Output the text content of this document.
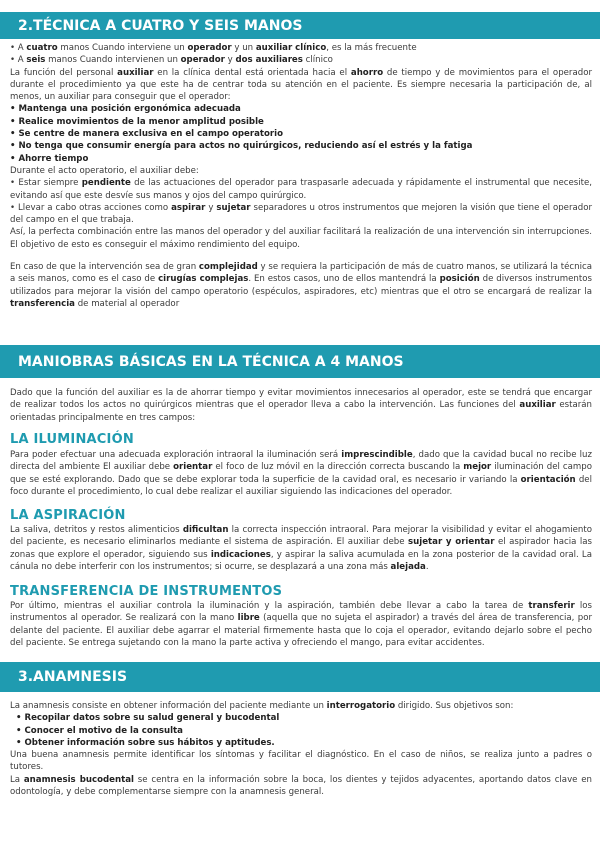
2.TÉCNICA A CUATRO Y SEIS MANOS

• A cuatro manos Cuando interviene un operador y un auxiliar clínico, es la más frecuente

• A seis manos Cuando intervienen un operador y dos auxiliares clínico

La función del personal auxiliar en la clínica dental está orientada hacia el ahorro de tiempo y de movimientos para el operador durante el procedimiento ya que este ha de centrar toda su atención en el paciente. Es siempre necesaria la participación de, al menos, un auxiliar para conseguir que el operador:

• Mantenga una posición ergonómica adecuada

• Realice movimientos de la menor amplitud posible

• Se centre de manera exclusiva en el campo operatorio

• No tenga que consumir energía para actos no quirúrgicos, reduciendo así el estrés y la fatiga

• Ahorre tiempo

Durante el acto operatorio, el auxiliar debe:

• Estar siempre pendiente de las actuaciones del operador para traspasarle adecuada y rápidamente el instrumental que necesite, evitando así que este desvíe sus manos y ojos del campo quirúrgico.

• Llevar a cabo otras acciones como aspirar y sujetar separadores u otros instrumentos que mejoren la visión que tiene el operador del campo en el que trabaja.

Así, la perfecta combinación entre las manos del operador y del auxiliar facilitará la realización de una intervención sin interrupciones. El objetivo de esto es conseguir el máximo rendimiento del equipo.

En caso de que la intervención sea de gran complejidad y se requiera la participación de más de cuatro manos, se utilizará la técnica a seis manos, como es el caso de cirugías complejas. En estos casos, uno de ellos mantendrá la posición de diversos instrumentos utilizados para mejorar la visión del campo operatorio (espéculos, aspiradores, etc) mientras que el otro se encargará de realizar la transferencia de material al operador

MANIOBRAS BÁSICAS EN LA TÉCNICA A 4 MANOS

Dado que la función del auxiliar es la de ahorrar tiempo y evitar movimientos innecesarios al operador, este se tendrá que encargar de realizar todos los actos no quirúrgicos mientras que el operador lleva a cabo la intervención. Las funciones del auxiliar estarán orientadas principalmente en tres campos:

LA ILUMINACIÓN

Para poder efectuar una adecuada exploración intraoral la iluminación será imprescindible, dado que la cavidad bucal no recibe luz directa del ambiente El auxiliar debe orientar el foco de luz móvil en la dirección correcta buscando la mejor iluminación del campo que se esté explorando. Dado que se debe explorar toda la superficie de la cavidad oral, es necesario ir variando la orientación del foco durante el procedimiento, lo cual debe realizar el auxiliar siguiendo las indicaciones del operador.

LA ASPIRACIÓN

La saliva, detritos y restos alimenticios dificultan la correcta inspección intraoral. Para mejorar la visibilidad y evitar el ahogamiento del paciente, es necesario eliminarlos mediante el sistema de aspiración. El auxiliar debe sujetar y orientar el aspirador hacia las zonas que explore el operador, siguiendo sus indicaciones, y aspirar la saliva acumulada en la zona posterior de la cavidad oral. La cánula no debe interferir con los instrumentos; si ocurre, se desplazará a una zona más alejada.

TRANSFERENCIA DE INSTRUMENTOS

Por último, mientras el auxiliar controla la iluminación y la aspiración, también debe llevar a cabo la tarea de transferir los instrumentos al operador. Se realizará con la mano libre (aquella que no sujeta el aspirador) a través del área de transferencia, por delante del paciente. El auxiliar debe agarrar el material firmemente hasta que lo coja el operador, evitando dejarlo sobre el pecho del paciente. Se entrega sujetando con la mano la parte activa y ofreciendo el mango, para evitar accidentes.

3.ANAMNESIS

La anamnesis consiste en obtener información del paciente mediante un interrogatorio dirigido. Sus objetivos son:

• Recopilar datos sobre su salud general y bucodental

• Conocer el motivo de la consulta

• Obtener información sobre sus hábitos y aptitudes.

Una buena anamnesis permite identificar los síntomas y facilitar el diagnóstico. En el caso de niños, se realiza junto a padres o tutores.

La anamnesis bucodental se centra en la información sobre la boca, los dientes y tejidos adyacentes, aportando datos clave en odontología, y debe complementarse siempre con la anamnesis general.
